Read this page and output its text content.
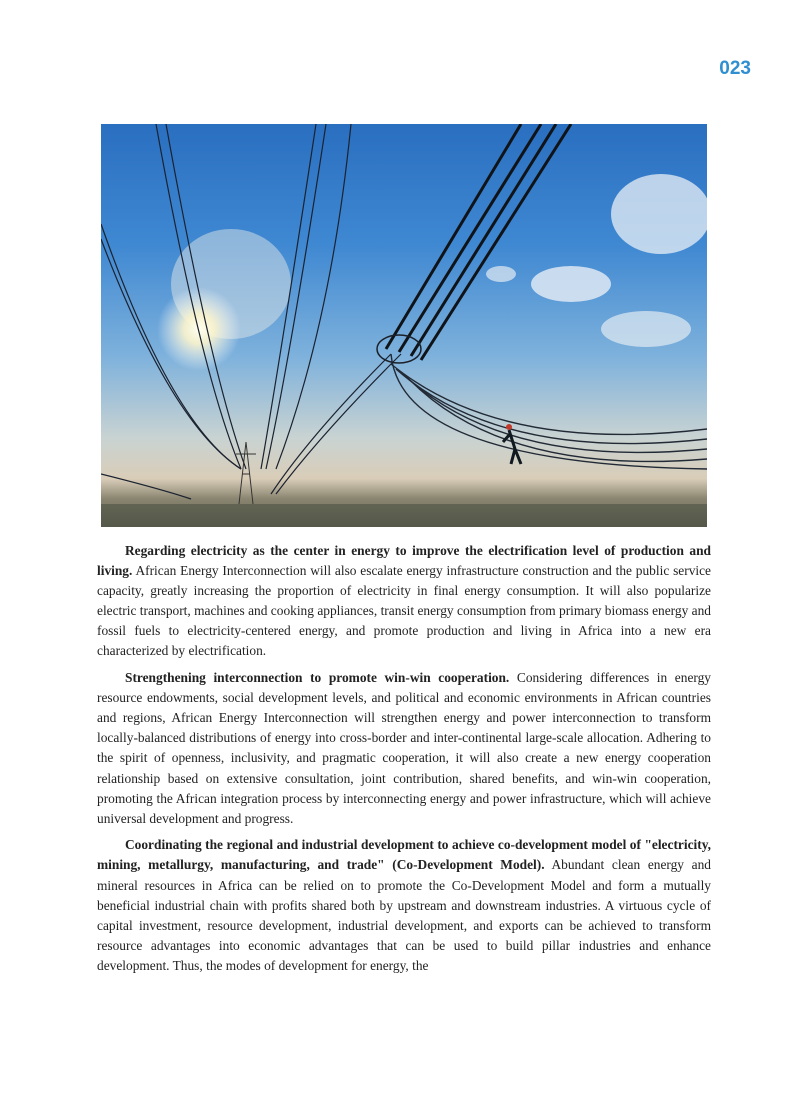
023

Regarding electricity as the center in energy to improve the electrification level of production and living. African Energy Interconnection will also escalate energy infrastructure construction and the public service capacity, greatly increasing the proportion of electricity in final energy consumption. It will also popularize electric transport, machines and cooking appliances, transit energy consumption from primary biomass energy and fossil fuels to electricity-centered energy, and promote production and living in Africa into a new era characterized by electrification.

Strengthening interconnection to promote win-win cooperation. Considering differences in energy resource endowments, social development levels, and political and economic environments in African countries and regions, African Energy Interconnection will strengthen energy and power interconnection to transform locally-balanced distributions of energy into cross-border and inter-continental large-scale allocation. Adhering to the spirit of openness, inclusivity, and pragmatic cooperation, it will also create a new energy cooperation relationship based on extensive consultation, joint contribution, shared benefits, and win-win cooperation, promoting the African integration process by interconnecting energy and power infrastructure, which will achieve universal development and progress.

Coordinating the regional and industrial development to achieve co-development model of "electricity, mining, metallurgy, manufacturing, and trade" (Co-Development Model). Abundant clean energy and mineral resources in Africa can be relied on to promote the Co-Development Model and form a mutually beneficial industrial chain with profits shared both by upstream and downstream industries. A virtuous cycle of capital investment, resource development, industrial development, and exports can be achieved to transform resource advantages into economic advantages that can be used to build pillar industries and enhance development. Thus, the modes of development for energy, the
